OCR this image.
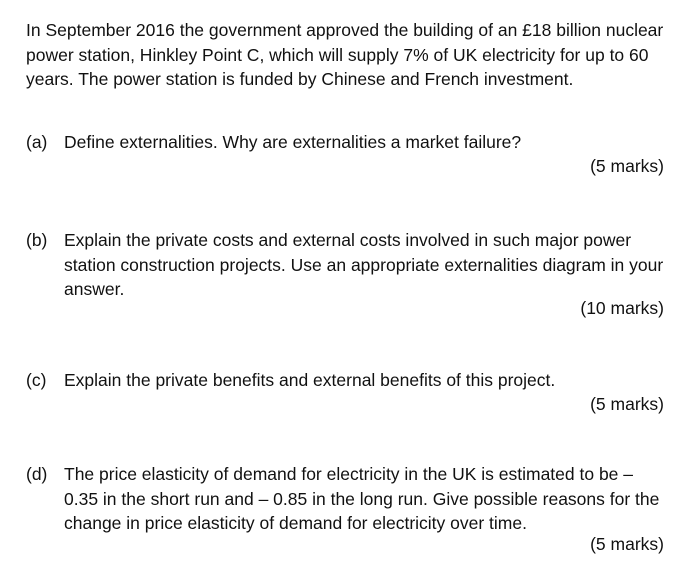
In September 2016 the government approved the building of an £18 billion nuclear power station, Hinkley Point C, which will supply 7% of UK electricity for up to 60 years. The power station is funded by Chinese and French investment.

(a) Define externalities. Why are externalities a market failure?
(5 marks)
(b) Explain the private costs and external costs involved in such major power station construction projects. Use an appropriate externalities diagram in your answer.
(10 marks)
(c) Explain the private benefits and external benefits of this project.
(5 marks)
(d) The price elasticity of demand for electricity in the UK is estimated to be – 0.35 in the short run and – 0.85 in the long run. Give possible reasons for the change in price elasticity of demand for electricity over time.
(5 marks)
